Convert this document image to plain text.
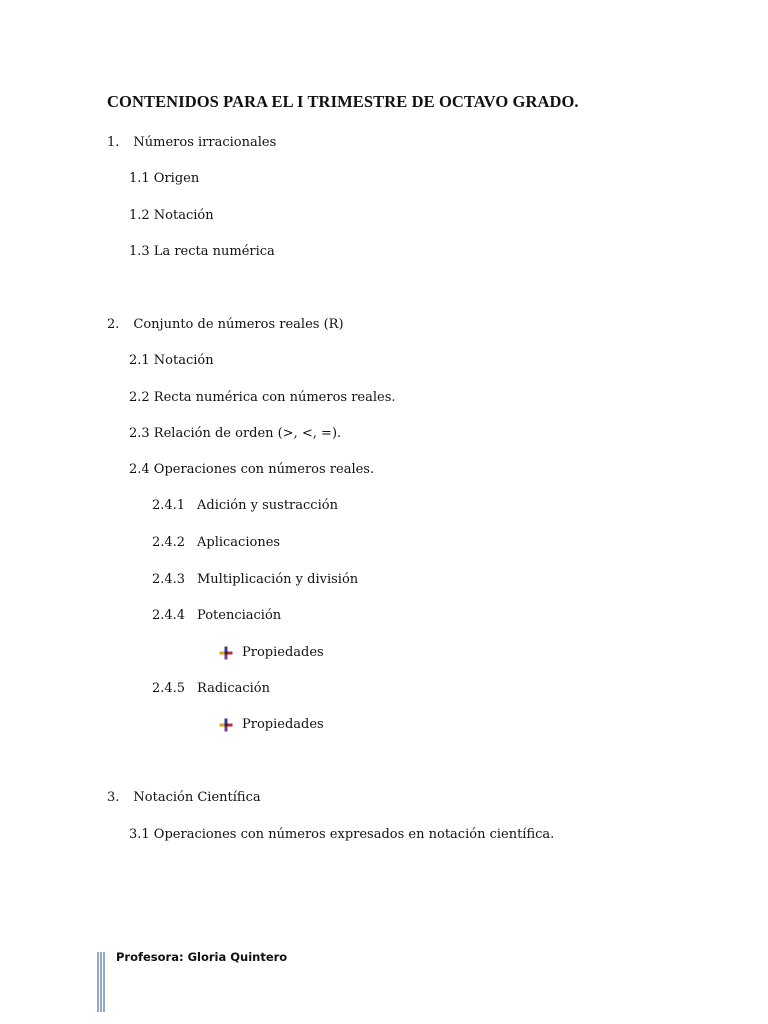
CONTENIDOS PARA EL I TRIMESTRE DE OCTAVO GRADO.
1. Números irracionales
1.1 Origen
1.2 Notación
1.3 La recta numérica
2. Conjunto de números reales (R)
2.1 Notación
2.2 Recta numérica con números reales.
2.3 Relación de orden (>, <, =).
2.4 Operaciones con números reales.
2.4.1 Adición y sustracción
2.4.2 Aplicaciones
2.4.3 Multiplicación y división
2.4.4 Potenciación
Propiedades
2.4.5 Radicación
Propiedades
3. Notación Científica
3.1 Operaciones con números expresados en notación científica.
Profesora: Gloria Quintero
